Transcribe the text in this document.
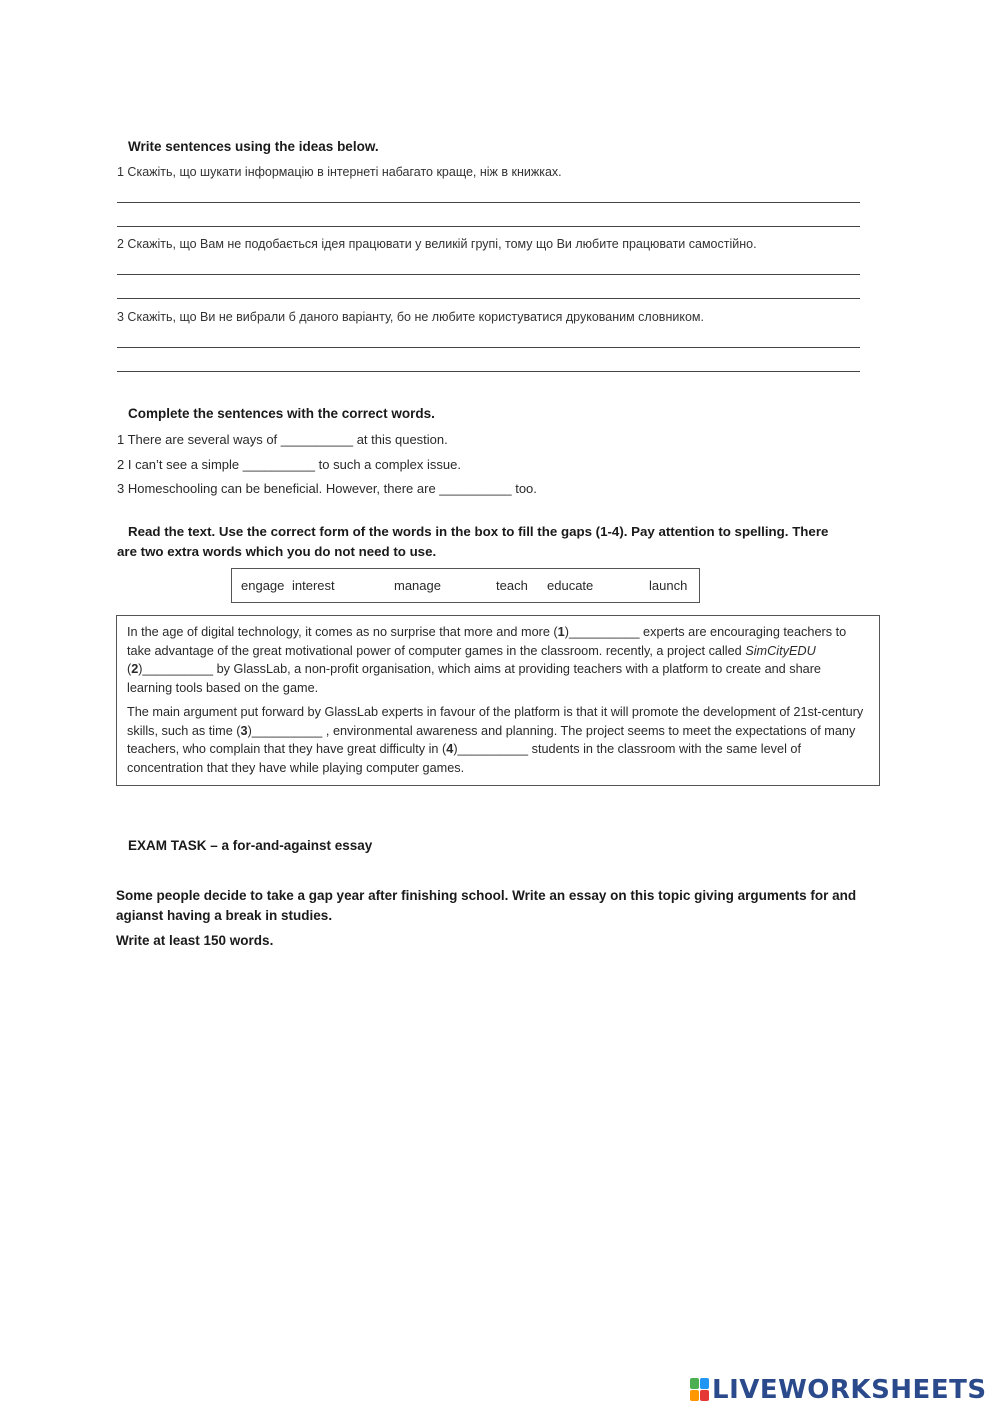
Write sentences using the ideas below.
1 Скажіть, що шукати інформацію в інтернеті набагато краще, ніж в книжках.
2 Скажіть, що Вам не подобається ідея працювати у великій групі, тому що Ви любите працювати самостійно.
3 Скажіть, що Ви не вибрали б даного варіанту, бо не любите користуватися друкованим словником.
Complete the sentences with the correct words.
1 There are several ways of __________ at this question.
2 I can’t see a simple __________ to such a complex issue.
3 Homeschooling can be beneficial. However, there are __________ too.
Read the text. Use the correct form of the words in the box to fill the gaps (1-4). Pay attention to spelling. There
are two extra words which you do not need to use.
engage interest	manage	teach educate	launch

In the age of digital technology, it comes as no surprise that more and more (1)__________ experts are encouraging teachers to take advantage of the great motivational power of computer games in the classroom. recently, a project called SimCityEDU (2)__________ by GlassLab, a non-profit organisation, which aims at providing teachers with a platform to create and share learning tools based on the game.

The main argument put forward by GlassLab experts in favour of the platform is that it will promote the development of 21st-century skills, such as time (3)__________ , environmental awareness and planning. The project seems to meet the expectations of many teachers, who complain that they have great difficulty in (4)__________ students in the classroom with the same level of concentration that they have while playing computer games.

EXAM TASK – a for-and-against essay
Some people decide to take a gap year after finishing school. Write an essay on this topic giving arguments for and
agianst having a break in studies.
Write at least 150 words.
LIVEWORKSHEETS
